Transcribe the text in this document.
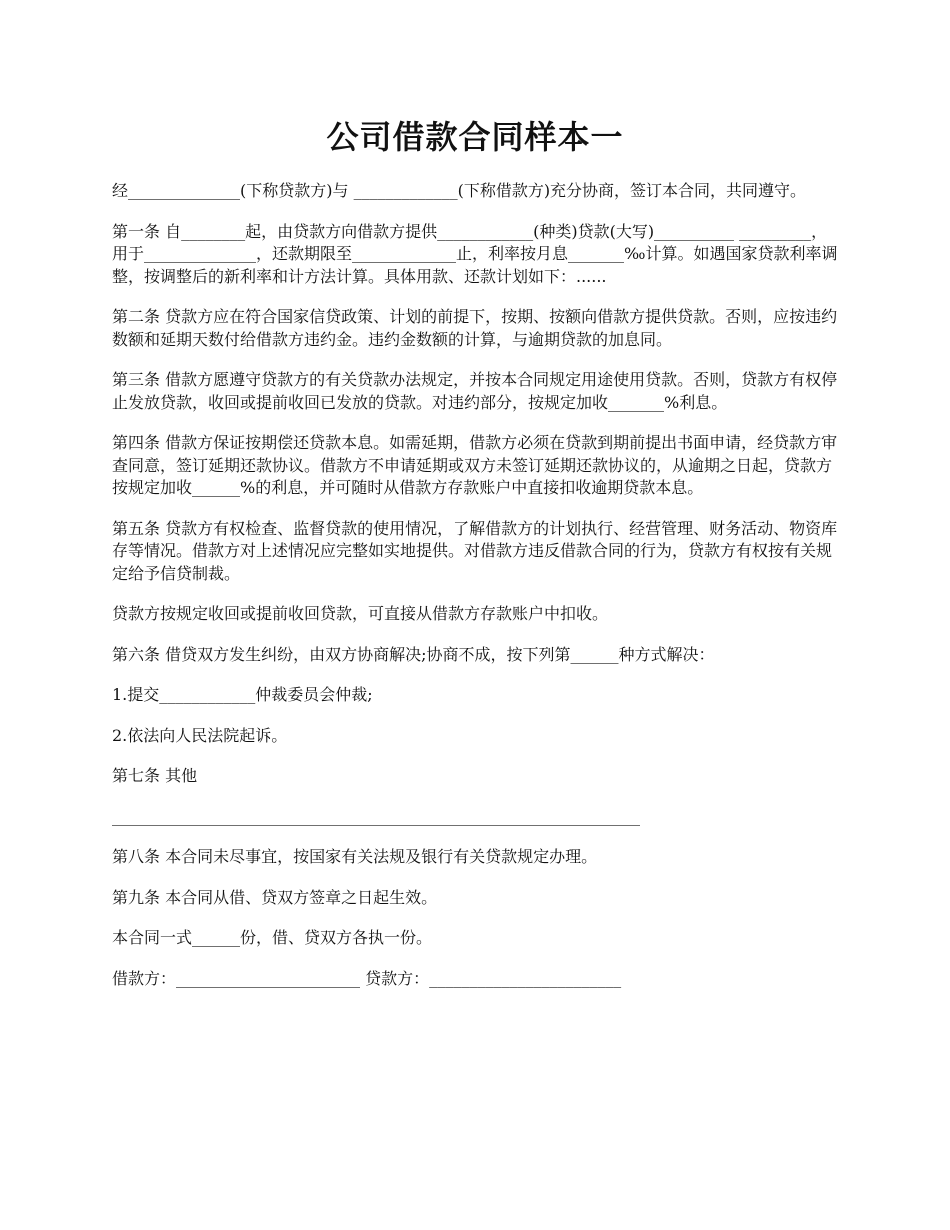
公司借款合同样本一

经______________(下称贷款方)与 _____________(下称借款方)充分协商，签订本合同，共同遵守。

第一条 自________起，由贷款方向借款方提供____________(种类)贷款(大写)__________ _________，用于______________，还款期限至_____________止，利率按月息_______‰计算。如遇国家贷款利率调整，按调整后的新利率和计方法计算。具体用款、还款计划如下：......

第二条 贷款方应在符合国家信贷政策、计划的前提下，按期、按额向借款方提供贷款。否则，应按违约数额和延期天数付给借款方违约金。违约金数额的计算，与逾期贷款的加息同。

第三条 借款方愿遵守贷款方的有关贷款办法规定，并按本合同规定用途使用贷款。否则，贷款方有权停止发放贷款，收回或提前收回已发放的贷款。对违约部分，按规定加收_______%利息。

第四条 借款方保证按期偿还贷款本息。如需延期，借款方必须在贷款到期前提出书面申请，经贷款方审查同意，签订延期还款协议。借款方不申请延期或双方未签订延期还款协议的，从逾期之日起，贷款方按规定加收______%的利息，并可随时从借款方存款账户中直接扣收逾期贷款本息。

第五条 贷款方有权检查、监督贷款的使用情况，了解借款方的计划执行、经营管理、财务活动、物资库存等情况。借款方对上述情况应完整如实地提供。对借款方违反借款合同的行为，贷款方有权按有关规定给予信贷制裁。

贷款方按规定收回或提前收回贷款，可直接从借款方存款账户中扣收。

第六条 借贷双方发生纠纷，由双方协商解决;协商不成，按下列第______种方式解决：

1.提交____________仲裁委员会仲裁;

2.依法向人民法院起诉。

第七条 其他

__________________________________________________________________

第八条 本合同未尽事宜，按国家有关法规及银行有关贷款规定办理。

第九条 本合同从借、贷双方签章之日起生效。

本合同一式______份，借、贷双方各执一份。

借款方：_______________________ 贷款方：________________________
